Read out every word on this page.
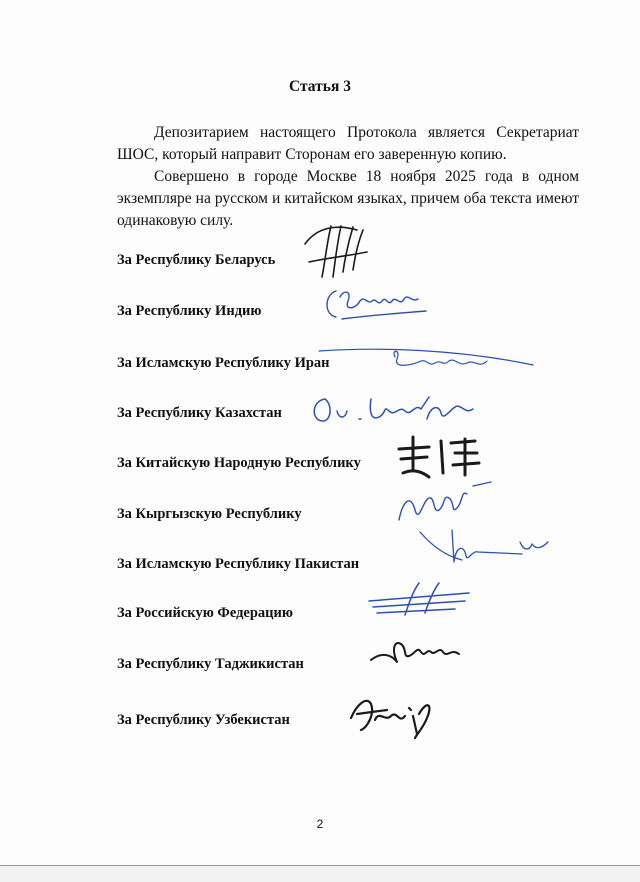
Статья 3

Депозитарием настоящего Протокола является Секретариат ШОС, который направит Сторонам его заверенную копию.

Совершено в городе Москве 18 ноября 2025 года в одном экземпляре на русском и китайском языках, причем оба текста имеют одинаковую силу.

За Республику Беларусь
За Республику Индию
За Исламскую Республику Иран
За Республику Казахстан
За Китайскую Народную Республику
За Кыргызскую Республику
За Исламскую Республику Пакистан
За Российскую Федерацию
За Республику Таджикистан
За Республику Узбекистан
2
